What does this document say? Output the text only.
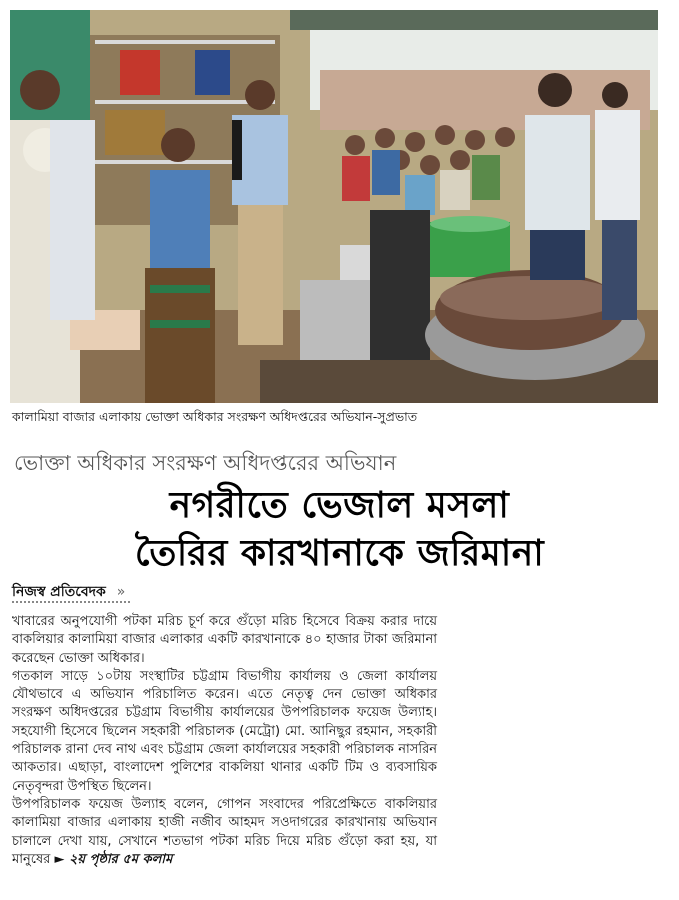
কালামিয়া বাজার এলাকায় ভোক্তা অধিকার সংরক্ষণ অধিদপ্তরের অভিযান-সুপ্রভাত
ভোক্তা অধিকার সংরক্ষণ অধিদপ্তরের অভিযান
নগরীতে ভেজাল মসলা
তৈরির কারখানাকে জরিমানা
নিজস্ব প্রতিবেদক »

খাবারের অনুপযোগী পটকা মরিচ চূর্ণ করে গুঁড়ো মরিচ হিসেবে বিক্রয় করার দায়ে বাকলিয়ার কালামিয়া বাজার এলাকার একটি কারখানাকে ৪০ হাজার টাকা জরিমানা করেছেন ভোক্তা অধিকার।

গতকাল সাড়ে ১০টায় সংস্থাটির চট্টগ্রাম বিভাগীয় কার্যালয় ও জেলা কার্যালয় যৌথভাবে এ অভিযান পরিচালিত করেন। এতে নেতৃত্ব দেন ভোক্তা অধিকার সংরক্ষণ অধিদপ্তরের চট্টগ্রাম বিভাগীয় কার্যালয়ের উপপরিচালক ফয়েজ উল্যাহ। সহযোগী হিসেবে ছিলেন সহকারী পরিচালক (মেট্রো) মো. আনিছুর রহমান, সহকারী পরিচালক রানা দেব নাথ এবং চট্টগ্রাম জেলা কার্যালয়ের সহকারী পরিচালক নাসরিন আকতার। এছাড়া, বাংলাদেশ পুলিশের বাকলিয়া থানার একটি টিম ও ব্যবসায়িক নেতৃবৃন্দরা উপস্থিত ছিলেন।

উপপরিচালক ফয়েজ উল্যাহ বলেন, গোপন সংবাদের পরিপ্রেক্ষিতে বাকলিয়ার কালামিয়া বাজার এলাকায় হাজী নজীব আহমদ সওদাগরের কারখানায় অভিযান চালালে দেখা যায়, সেখানে শতভাগ পটকা মরিচ দিয়ে মরিচ গুঁড়ো করা হয়, যা মানুষের ► ২য় পৃষ্ঠার ৫ম কলাম
